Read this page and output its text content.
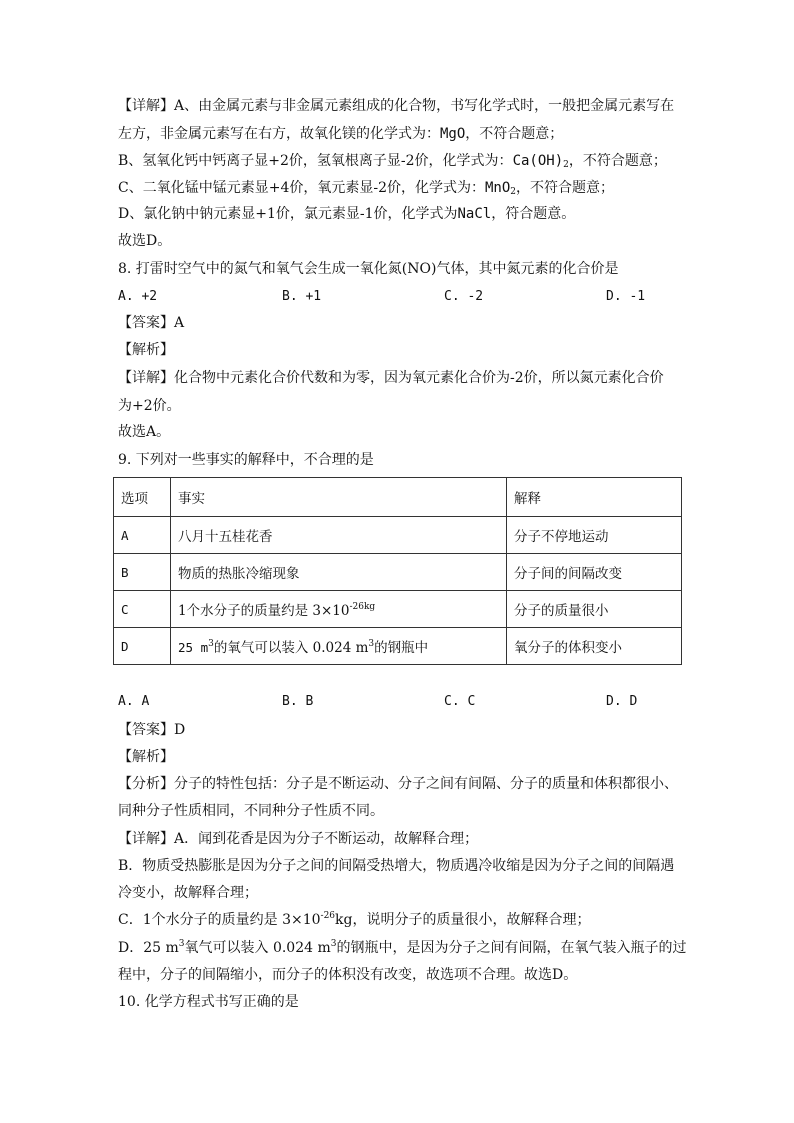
【详解】A、由金属元素与非金属元素组成的化合物，书写化学式时，一般把金属元素写在
左方，非金属元素写在右方，故氧化镁的化学式为：MgO，不符合题意；
B、氢氧化钙中钙离子显+2价，氢氧根离子显-2价，化学式为：$Ca(OH)_2$，不符合题意；
C、二氧化锰中锰元素显+4价，氧元素显-2价，化学式为：MnO$_2$，不符合题意；
D、氯化钠中钠元素显+1价，氯元素显-1价，化学式为NaCl，符合题意。
故选D。
8. 打雷时空气中的氮气和氧气会生成一氧化氮(NO)气体，其中氮元素的化合价是
A. +2	B. +1	C. -2	D. -1
【答案】A
【解析】
【详解】化合物中元素化合价代数和为零，因为氧元素化合价为-2价，所以氮元素化合价
为+2价。
故选A。
9. 下列对一些事实的解释中，不合理的是
选项	事实	解释
A	八月十五桂花香	分子不停地运动
B	物质的热胀冷缩现象	分子间的间隔改变
C	1个水分子的质量约是 $3\times 10^{-26kg}$	分子的质量很小
D	25 $m^3$的氧气可以装入 0.024 $m^3$的钢瓶中	氧分子的体积变小
A. A	B. B	C. C	D. D
【答案】D
【解析】
【分析】分子的特性包括：分子是不断运动、分子之间有间隔、分子的质量和体积都很小、
同种分子性质相同，不同种分子性质不同。
【详解】A．闻到花香是因为分子不断运动，故解释合理；
B．物质受热膨胀是因为分子之间的间隔受热增大，物质遇冷收缩是因为分子之间的间隔遇
冷变小，故解释合理；
C．1个水分子的质量约是 $3\times 10^{-26}kg$，说明分子的质量很小，故解释合理；
D．25 $m^3$氧气可以装入 0.024 $m^3$的钢瓶中，是因为分子之间有间隔，在氧气装入瓶子的过
程中，分子的间隔缩小，而分子的体积没有改变，故选项不合理。故选D。
10. 化学方程式书写正确的是
